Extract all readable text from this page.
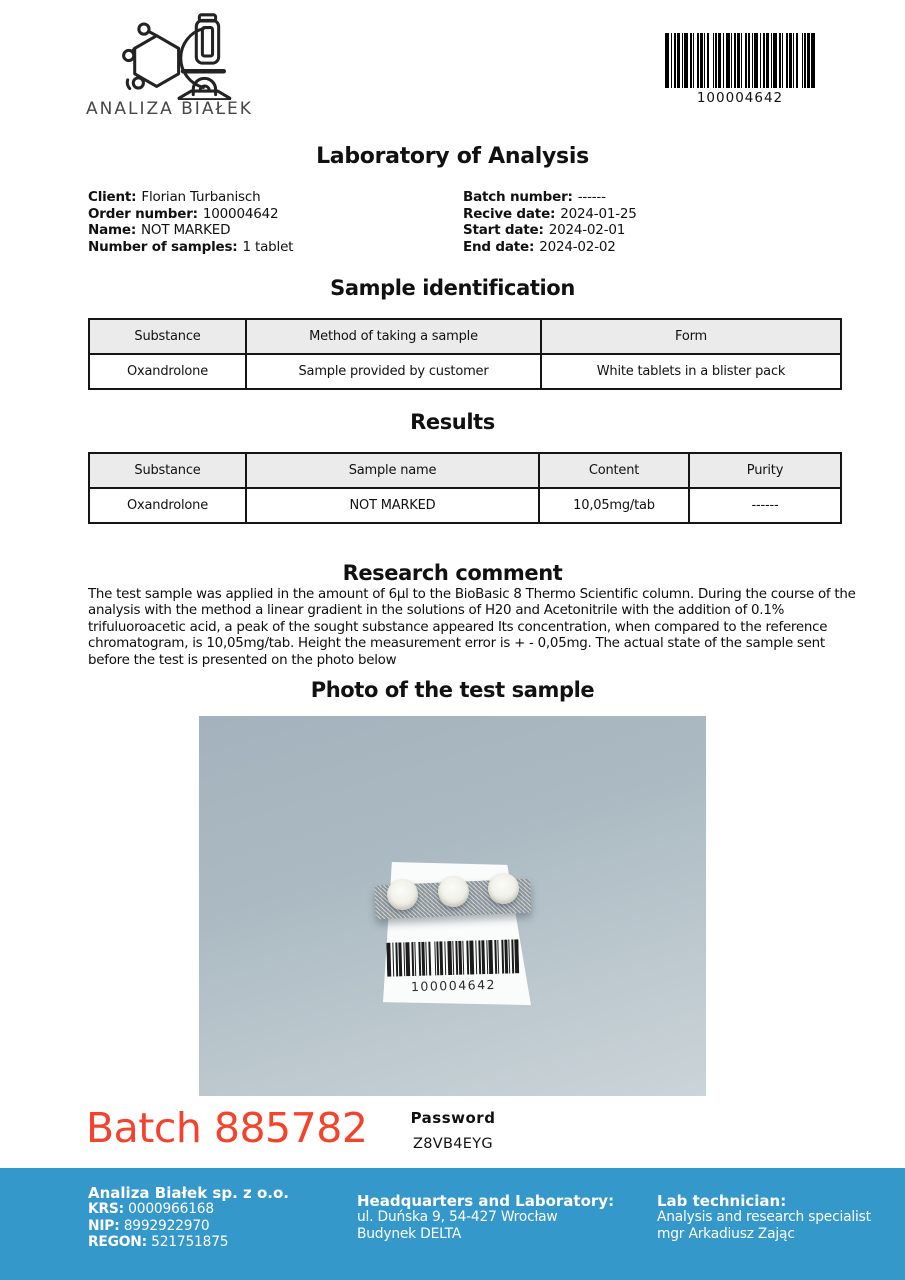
ANALIZA BIAŁEK
100004642
Laboratory of Analysis
Client: Florian Turbanisch
Order number: 100004642
Name: NOT MARKED
Number of samples: 1 tablet
Batch number: ------
Recive date: 2024-01-25
Start date: 2024-02-01
End date: 2024-02-02
Sample identification
Substance	Method of taking a sample	Form
Oxandrolone	Sample provided by customer	White tablets in a blister pack
Results
Substance	Sample name	Content	Purity
Oxandrolone	NOT MARKED	10,05mg/tab	------
Research comment
The test sample was applied in the amount of 6µl to the BioBasic 8 Thermo Scientific column. During the course of the analysis with the method a linear gradient in the solutions of H20 and Acetonitrile with the addition of 0.1% trifuluoroacetic acid, a peak of the sought substance appeared Its concentration, when compared to the reference chromatogram, is 10,05mg/tab. Height the measurement error is + - 0,05mg. The actual state of the sample sent before the test is presented on the photo below
Photo of the test sample
100004642
Batch 885782	Password
Z8VB4EYG
Analiza Białek sp. z o.o.
KRS: 0000966168
NIP: 8992922970
REGON: 521751875
Headquarters and Laboratory:
ul. Duńska 9, 54-427 Wrocław
Budynek DELTA
Lab technician:
Analysis and research specialist
mgr Arkadiusz Zając
